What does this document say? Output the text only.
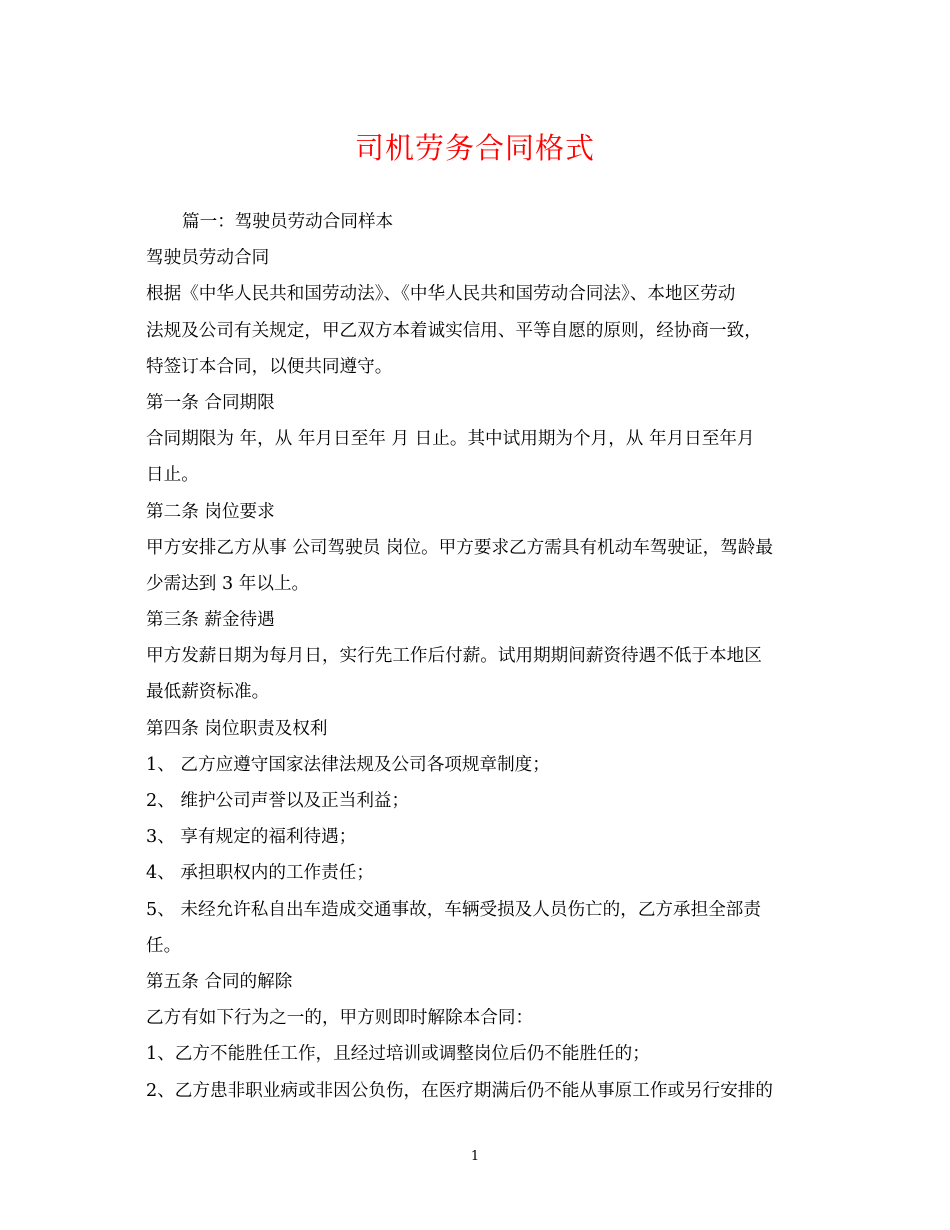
司机劳务合同格式
篇一：驾驶员劳动合同样本
驾驶员劳动合同
根据《中华人民共和国劳动法》、《中华人民共和国劳动合同法》、本地区劳动
法规及公司有关规定，甲乙双方本着诚实信用、平等自愿的原则，经协商一致，
特签订本合同，以便共同遵守。
第一条 合同期限
合同期限为 年，从 年月日至年 月 日止。其中试用期为个月，从 年月日至年月
日止。
第二条 岗位要求
甲方安排乙方从事 公司驾驶员 岗位。甲方要求乙方需具有机动车驾驶证，驾龄最
少需达到 3 年以上。
第三条 薪金待遇
甲方发薪日期为每月日，实行先工作后付薪。试用期期间薪资待遇不低于本地区
最低薪资标准。
第四条 岗位职责及权利
1、 乙方应遵守国家法律法规及公司各项规章制度；
2、 维护公司声誉以及正当利益；
3、 享有规定的福利待遇；
4、 承担职权内的工作责任；
5、 未经允许私自出车造成交通事故，车辆受损及人员伤亡的，乙方承担全部责
任。
第五条 合同的解除
乙方有如下行为之一的，甲方则即时解除本合同：
1、乙方不能胜任工作，且经过培训或调整岗位后仍不能胜任的；
2、乙方患非职业病或非因公负伤，在医疗期满后仍不能从事原工作或另行安排的
1
